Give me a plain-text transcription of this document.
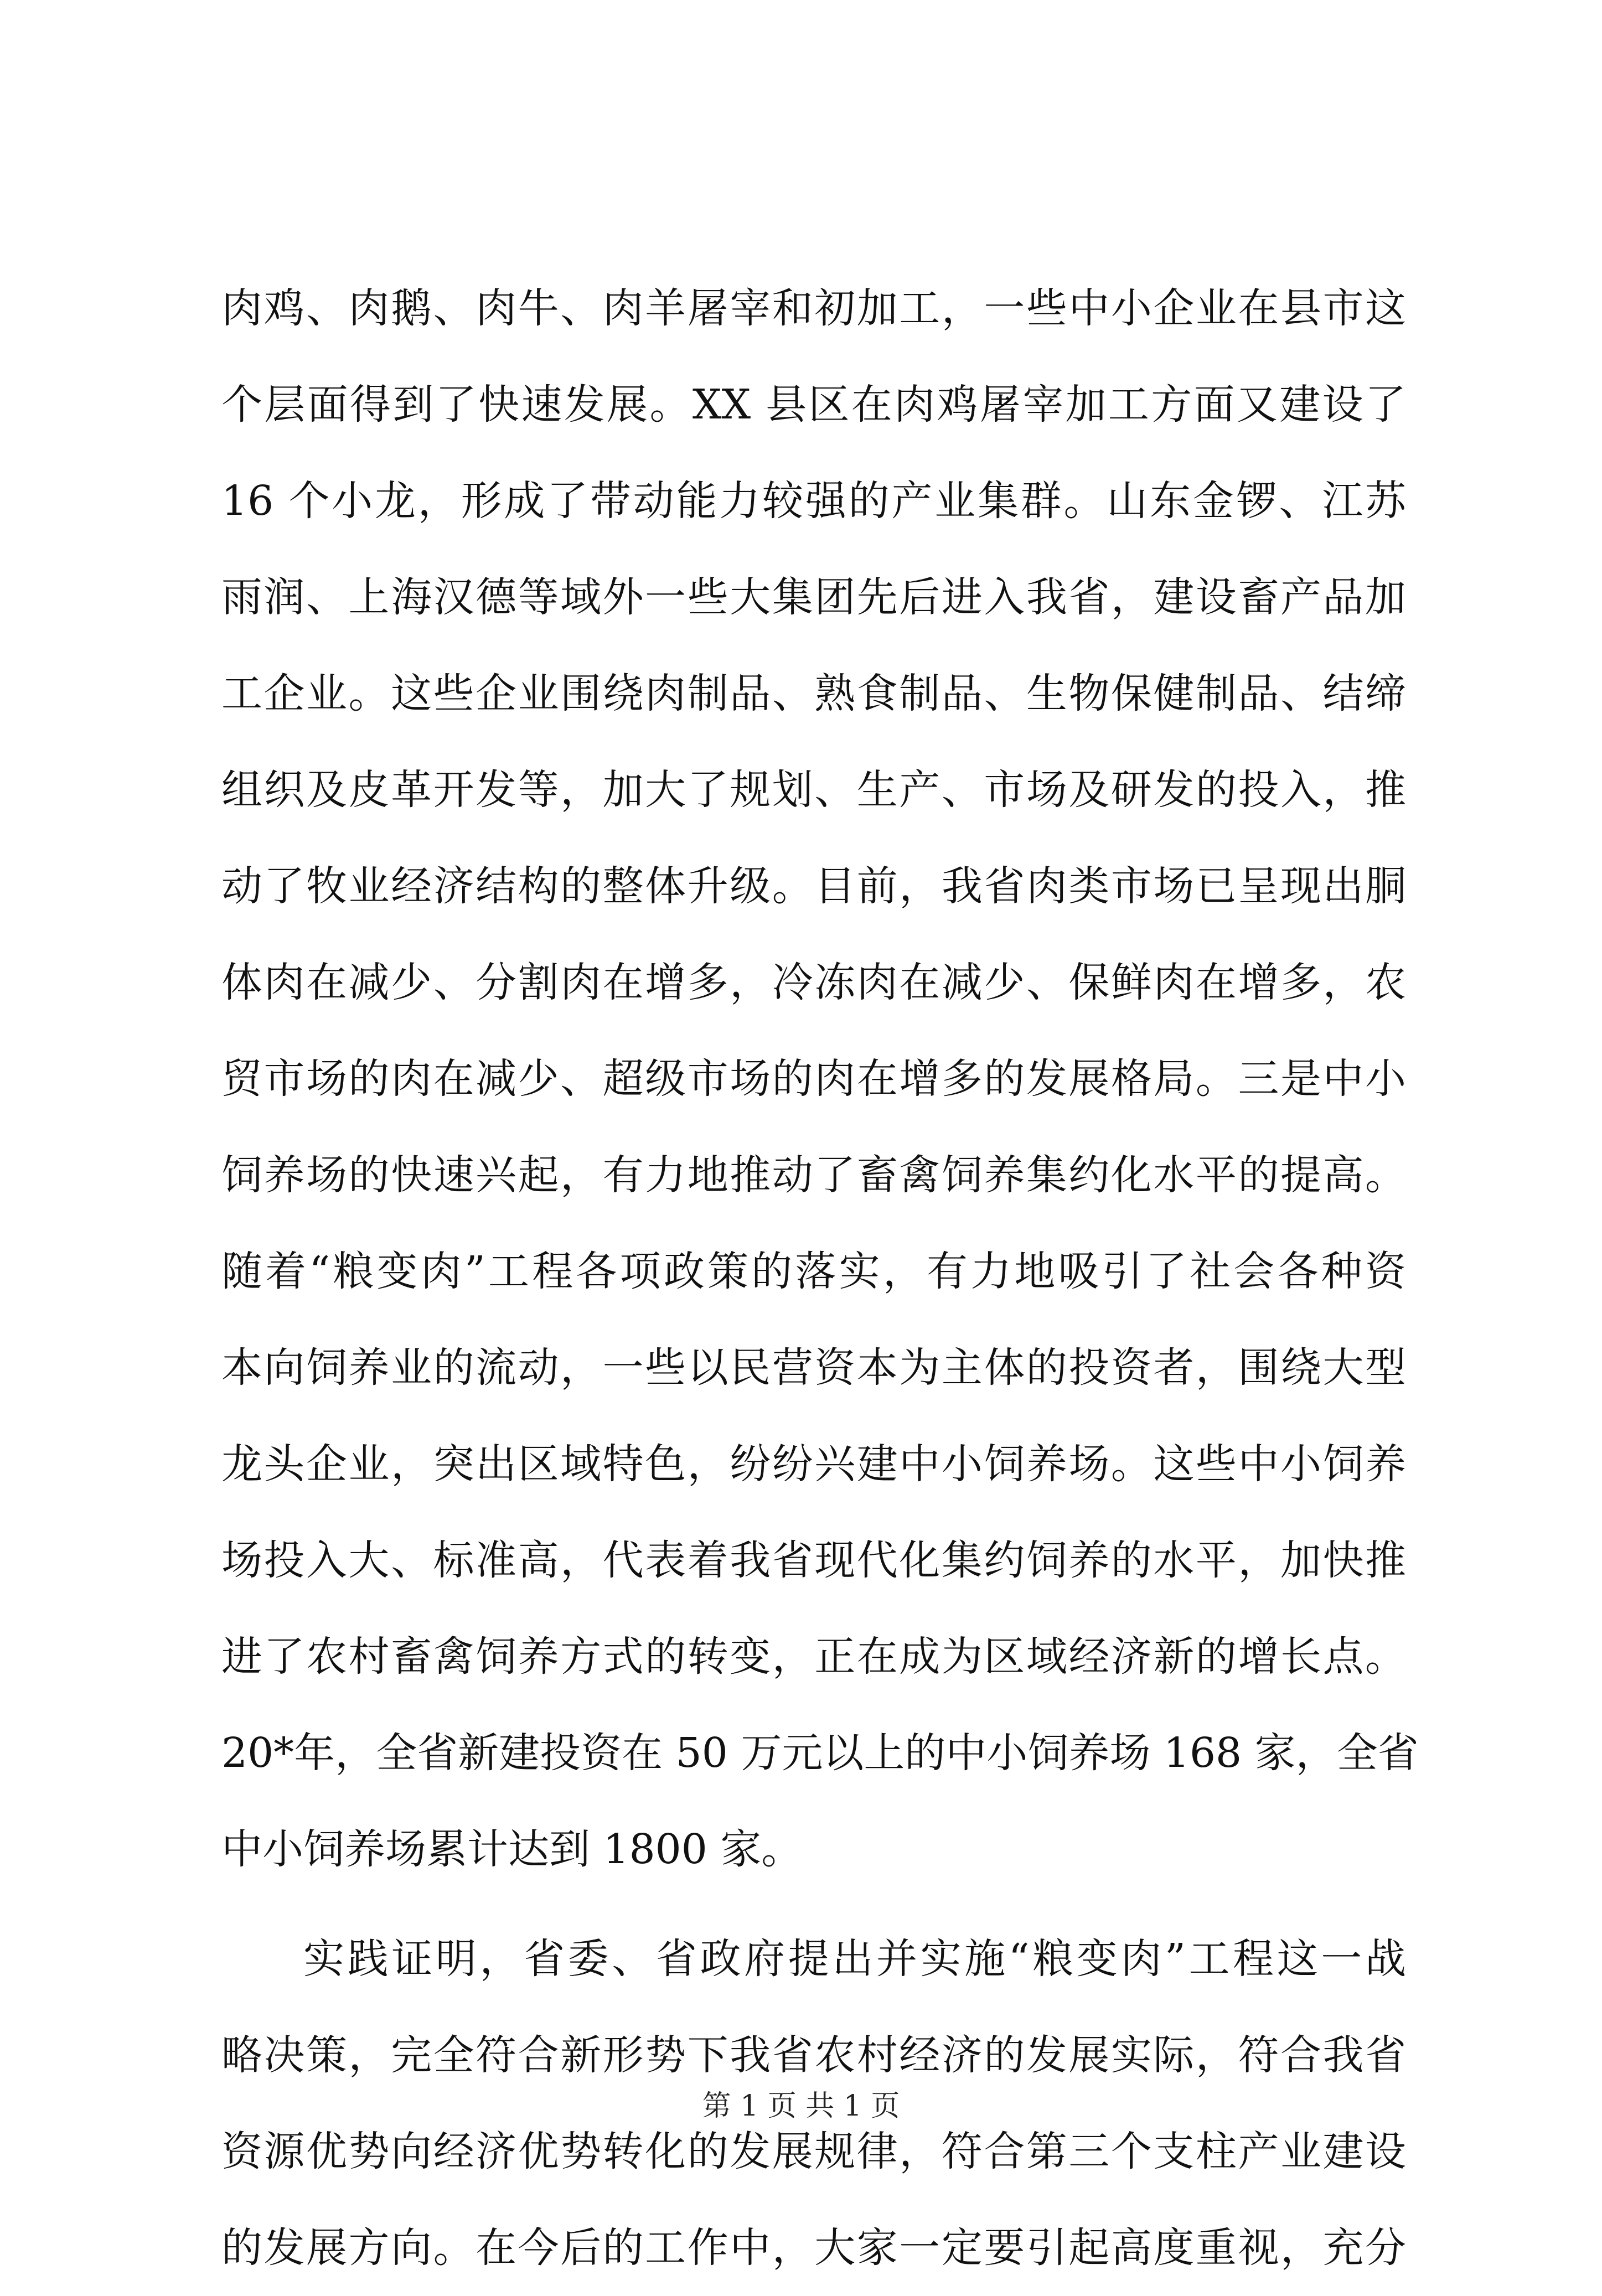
肉鸡、肉鹅、肉牛、肉羊屠宰和初加工，一些中小企业在县市这
个层面得到了快速发展。XX 县区在肉鸡屠宰加工方面又建设了
16 个小龙，形成了带动能力较强的产业集群。山东金锣、江苏
雨润、上海汉德等域外一些大集团先后进入我省，建设畜产品加
工企业。这些企业围绕肉制品、熟食制品、生物保健制品、结缔
组织及皮革开发等，加大了规划、生产、市场及研发的投入，推
动了牧业经济结构的整体升级。目前，我省肉类市场已呈现出胴
体肉在减少、分割肉在增多，冷冻肉在减少、保鲜肉在增多，农
贸市场的肉在减少、超级市场的肉在增多的发展格局。三是中小
饲养场的快速兴起，有力地推动了畜禽饲养集约化水平的提高。
随着“粮变肉”工程各项政策的落实，有力地吸引了社会各种资
本向饲养业的流动，一些以民营资本为主体的投资者，围绕大型
龙头企业，突出区域特色，纷纷兴建中小饲养场。这些中小饲养
场投入大、标准高，代表着我省现代化集约饲养的水平，加快推
进了农村畜禽饲养方式的转变，正在成为区域经济新的增长点。
20*年，全省新建投资在 50 万元以上的中小饲养场 168 家，全省
中小饲养场累计达到 1800 家。
实践证明，省委、省政府提出并实施“粮变肉”工程这一战
略决策，完全符合新形势下我省农村经济的发展实际，符合我省
资源优势向经济优势转化的发展规律，符合第三个支柱产业建设
的发展方向。在今后的工作中，大家一定要引起高度重视，充分
第 1 页 共 1 页
